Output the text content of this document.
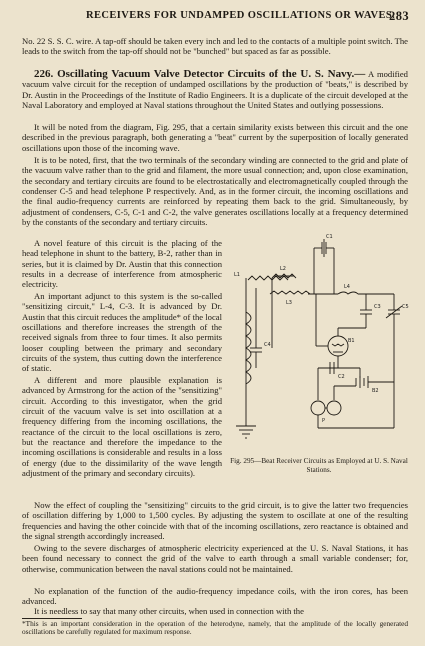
RECEIVERS FOR UNDAMPED OSCILLATIONS OR WAVES.
283
No. 22 S. S. C. wire. A tap-off should be taken every inch and led to the contacts of a multiple point switch. The leads to the switch from the tap-off should not be "bunched" but spaced as far as possible.
226. Oscillating Vacuum Valve Detector Circuits of the U. S. Navy.— A modified vacuum valve circuit for the reception of undamped oscillations by the production of "beats," is described by Dr. Austin in the Proceedings of the Institute of Radio Engineers. It is a duplicate of the circuit developed at the Naval Laboratory and employed at Naval stations throughout the United States and outlying possessions.
It will be noted from the diagram, Fig. 295, that a certain similarity exists between this circuit and the one described in the previous paragraph, both generating a "beat" current by the superposition of locally generated oscillations upon those of the incoming wave.
It is to be noted, first, that the two terminals of the secondary winding are connected to the grid and plate of the vacuum valve rather than to the grid and filament, the more usual connection; and, upon close examination, the secondary and tertiary circuits are found to be electrostatically and electromagnetically coupled through the condenser C-5 and head telephone P respectively. And, as in the former circuit, the incoming oscillations and the final audio-frequency currents are reinforced by repeating them back to the grid. Simultaneously, by adjustment of condensers, C-5, C-1 and C-2, the valve generates oscillations locally at a frequency determined by the constants of the secondary and tertiary circuits.
A novel feature of this circuit is the placing of the head telephone in shunt to the battery, B-2, rather than in series, but it is claimed by Dr. Austin that this connection results in a decrease of interference from atmospheric electricity.
An important adjunct to this system is the so-called "sensitizing circuit," L-4, C-3. It is advanced by Dr. Austin that this circuit reduces the amplitude* of the local oscillations and therefore increases the strength of the received signals from three to four times. It also permits looser coupling between the primary and secondary circuits of the system, thus cutting down the interference of static.
A different and more plausible explanation is advanced by Armstrong for the action of the "sensitizing" circuit. According to this investigator, when the grid circuit of the vacuum valve is set into oscillation at a frequency differing from the incoming oscillations, the reactance of the circuit to the local oscillations is zero, but the reactance and therefore the impedance to the incoming oscillations is considerable and results in a loss of energy (due to the dissimilarity of the wave length adjustment of the primary and secondary circuits).
Now the effect of coupling the "sensitizing" circuits to the grid circuit, is to give the latter two frequencies of oscillation differing by 1,000 to 1,500 cycles. By adjusting the system to oscillate at one of the resulting frequencies and having the other coincide with that of the incoming oscillations, zero reactance is obtained and the signal strength accordingly increased.
Owing to the severe discharges of atmospheric electricity experienced at the U. S. Naval Stations, it has been found necessary to connect the grid of the valve to earth through a small variable condenser; for, otherwise, communication between the naval stations could not be maintained.
No explanation of the function of the audio-frequency impedance coils, with the iron cores, has been advanced.
It is needless to say that many other circuits, when used in connection with the
C1
C2
C3
C4
C5
L1
L2
L3
L4
B1
B2
P
Fig. 295—Beat Receiver Circuits as Employed at U. S. Naval Stations.
*This is an important consideration in the operation of the heterodyne, namely, that the amplitude of the locally generated oscillations be carefully regulated for maximum response.
